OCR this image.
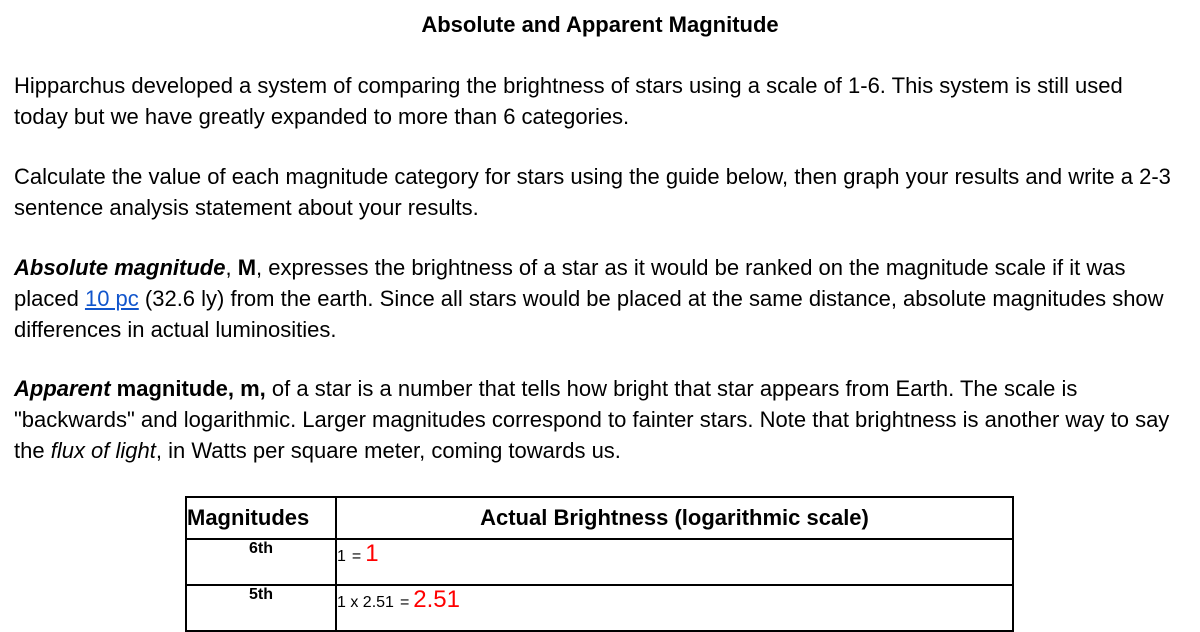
Absolute and Apparent Magnitude

Hipparchus developed a system of comparing the brightness of stars using a scale of 1-6. This system is still used today but we have greatly expanded to more than 6 categories.

Calculate the value of each magnitude category for stars using the guide below, then graph your results and write a 2-3 sentence analysis statement about your results.

Absolute magnitude, M, expresses the brightness of a star as it would be ranked on the magnitude scale if it was placed 10 pc (32.6 ly) from the earth. Since all stars would be placed at the same distance, absolute magnitudes show differences in actual luminosities.

Apparent magnitude, m, of a star is a number that tells how bright that star appears from Earth. The scale is "backwards" and logarithmic. Larger magnitudes correspond to fainter stars. Note that brightness is another way to say the flux of light, in Watts per square meter, coming towards us.

Magnitudes	Actual Brightness (logarithmic scale)
6th	1 = 1
5th	1 x 2.51 = 2.51
